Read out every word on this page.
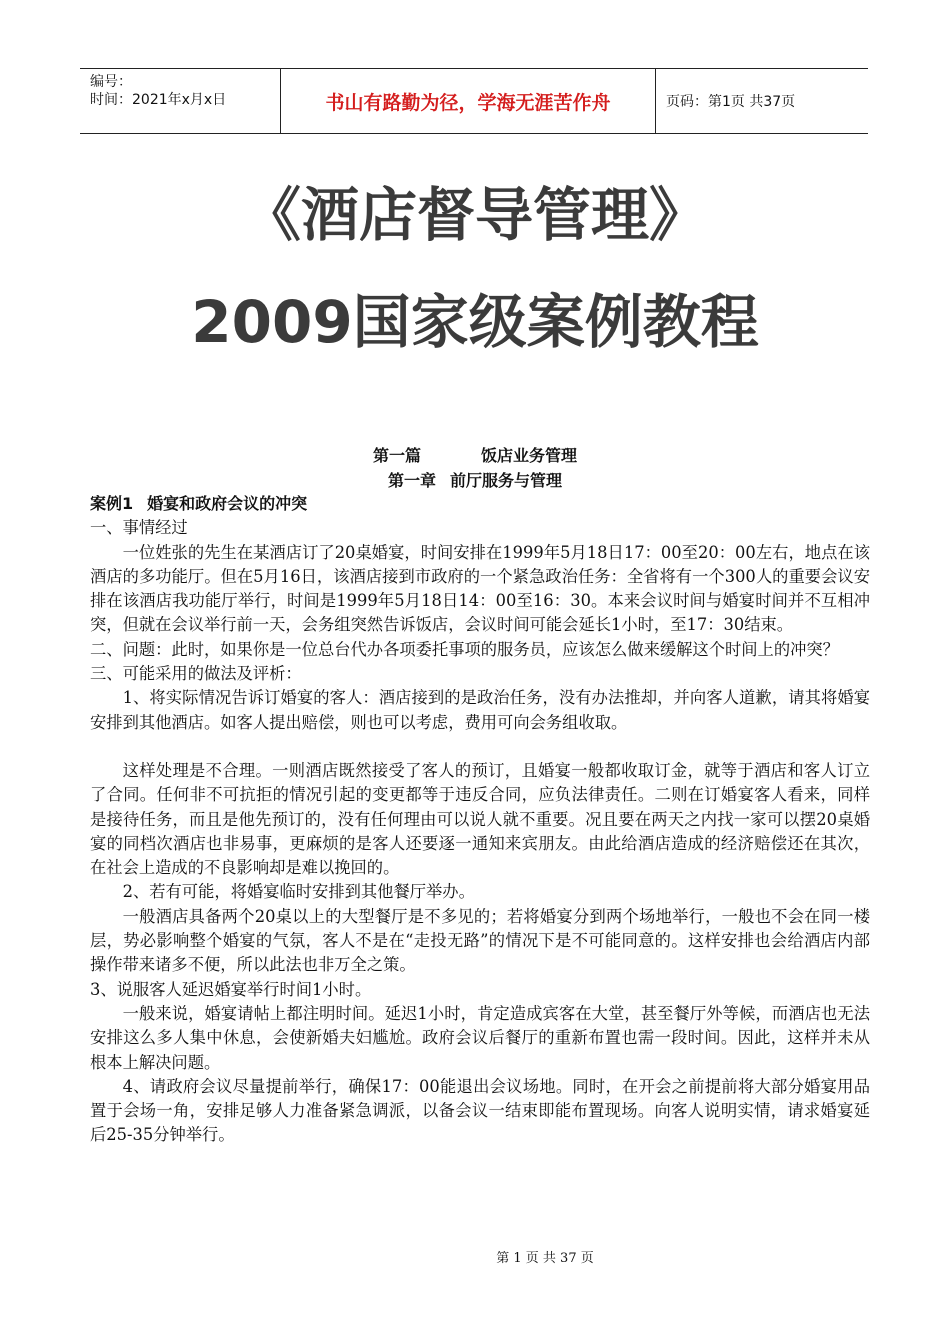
编号：
时间：2021年x月x日	书山有路勤为径，学海无涯苦作舟	页码：第1页 共37页
《酒店督导管理》
2009国家级案例教程
第一篇	饭店业务管理
第一章 前厅服务与管理

案例1 婚宴和政府会议的冲突

一、事情经过

一位姓张的先生在某酒店订了20桌婚宴，时间安排在1999年5月18日17：00至20：00左右，地点在该酒店的多功能厅。但在5月16日，该酒店接到市政府的一个紧急政治任务：全省将有一个300人的重要会议安排在该酒店我功能厅举行，时间是1999年5月18日14：00至16：30。本来会议时间与婚宴时间并不互相冲突，但就在会议举行前一天，会务组突然告诉饭店，会议时间可能会延长1小时，至17：30结束。

二、问题：此时，如果你是一位总台代办各项委托事项的服务员，应该怎么做来缓解这个时间上的冲突？

三、可能采用的做法及评析：

1、将实际情况告诉订婚宴的客人：酒店接到的是政治任务，没有办法推却，并向客人道歉，请其将婚宴安排到其他酒店。如客人提出赔偿，则也可以考虑，费用可向会务组收取。

这样处理是不合理。一则酒店既然接受了客人的预订，且婚宴一般都收取订金，就等于酒店和客人订立了合同。任何非不可抗拒的情况引起的变更都等于违反合同，应负法律责任。二则在订婚宴客人看来，同样是接待任务，而且是他先预订的，没有任何理由可以说人就不重要。况且要在两天之内找一家可以摆20桌婚宴的同档次酒店也非易事，更麻烦的是客人还要逐一通知来宾朋友。由此给酒店造成的经济赔偿还在其次，在社会上造成的不良影响却是难以挽回的。

2、若有可能，将婚宴临时安排到其他餐厅举办。

一般酒店具备两个20桌以上的大型餐厅是不多见的；若将婚宴分到两个场地举行，一般也不会在同一楼层，势必影响整个婚宴的气氛，客人不是在“走投无路”的情况下是不可能同意的。这样安排也会给酒店内部操作带来诸多不便，所以此法也非万全之策。

3、说服客人延迟婚宴举行时间1小时。

一般来说，婚宴请帖上都注明时间。延迟1小时，肯定造成宾客在大堂，甚至餐厅外等候，而酒店也无法安排这么多人集中休息，会使新婚夫妇尴尬。政府会议后餐厅的重新布置也需一段时间。因此，这样并未从根本上解决问题。

4、请政府会议尽量提前举行，确保17：00能退出会议场地。同时，在开会之前提前将大部分婚宴用品置于会场一角，安排足够人力准备紧急调派，以备会议一结束即能布置现场。向客人说明实情，请求婚宴延后25-35分钟举行。

第 1 页 共 37 页
